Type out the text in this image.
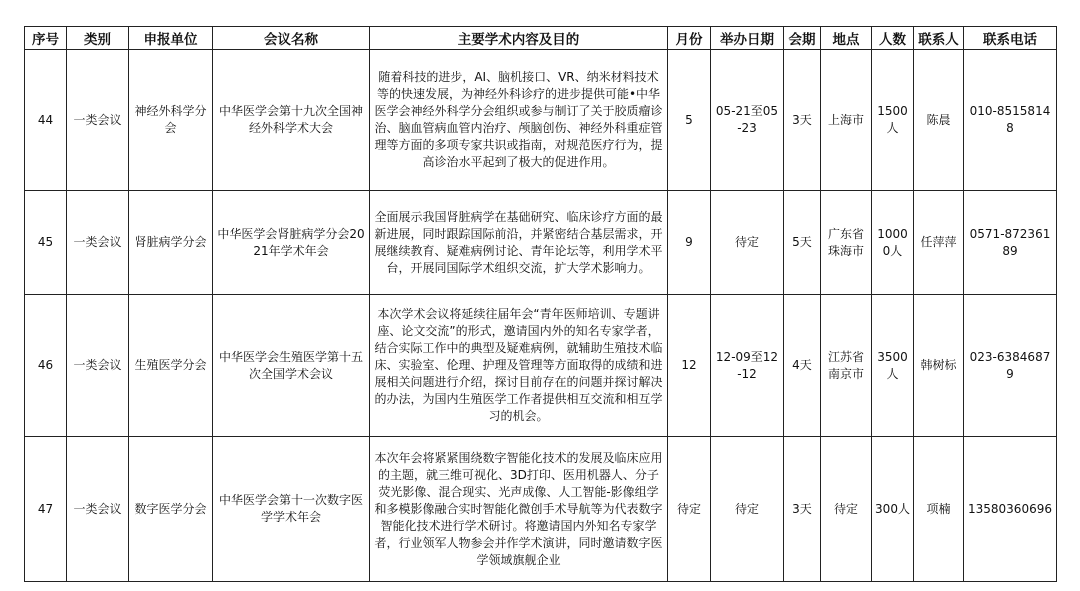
序号	类别	申报单位	会议名称	主要学术内容及目的	月份	举办日期	会期	地点	人数	联系人	联系电话
44	一类会议	神经外科学分会	中华医学会第十九次全国神经外科学术大会	随着科技的进步，AI、脑机接口、VR、纳米材料技术等的快速发展，为神经外科诊疗的进步提供可能•中华医学会神经外科学分会组织或参与制订了关于胶质瘤诊治、脑血管病血管内治疗、颅脑创伤、神经外科重症管理等方面的多项专家共识或指南，对规范医疗行为，提高诊治水平起到了极大的促进作用。	5	05-21至05-23	3天	上海市	1500人	陈晨	010-85158148
45	一类会议	肾脏病学分会	中华医学会肾脏病学分会2021年学术年会	全面展示我国肾脏病学在基础研究、临床诊疗方面的最新进展，同时跟踪国际前沿，并紧密结合基层需求，开展继续教育、疑难病例讨论、青年论坛等，利用学术平台，开展同国际学术组织交流，扩大学术影响力。	9	待定	5天	广东省珠海市	10000人	任萍萍	0571-87236189
46	一类会议	生殖医学分会	中华医学会生殖医学第十五次全国学术会议	本次学术会议将延续往届年会“青年医师培训、专题讲座、论文交流”的形式，邀请国内外的知名专家学者，结合实际工作中的典型及疑难病例，就辅助生殖技术临床、实验室、伦理、护理及管理等方面取得的成绩和进展相关问题进行介绍，探讨目前存在的问题并探讨解决的办法，为国内生殖医学工作者提供相互交流和相互学习的机会。	12	12-09至12-12	4天	江苏省南京市	3500人	韩树标	023-63846879
47	一类会议	数字医学分会	中华医学会第十一次数字医学学术年会	本次年会将紧紧围绕数字智能化技术的发展及临床应用的主题，就三维可视化、3D打印、医用机器人、分子荧光影像、混合现实、光声成像、人工智能-影像组学和多模影像融合实时智能化微创手术导航等为代表数字智能化技术进行学术研讨。将邀请国内外知名专家学者，行业领军人物参会并作学术演讲，同时邀请数字医学领域旗舰企业	待定	待定	3天	待定	300人	项楠	13580360696
